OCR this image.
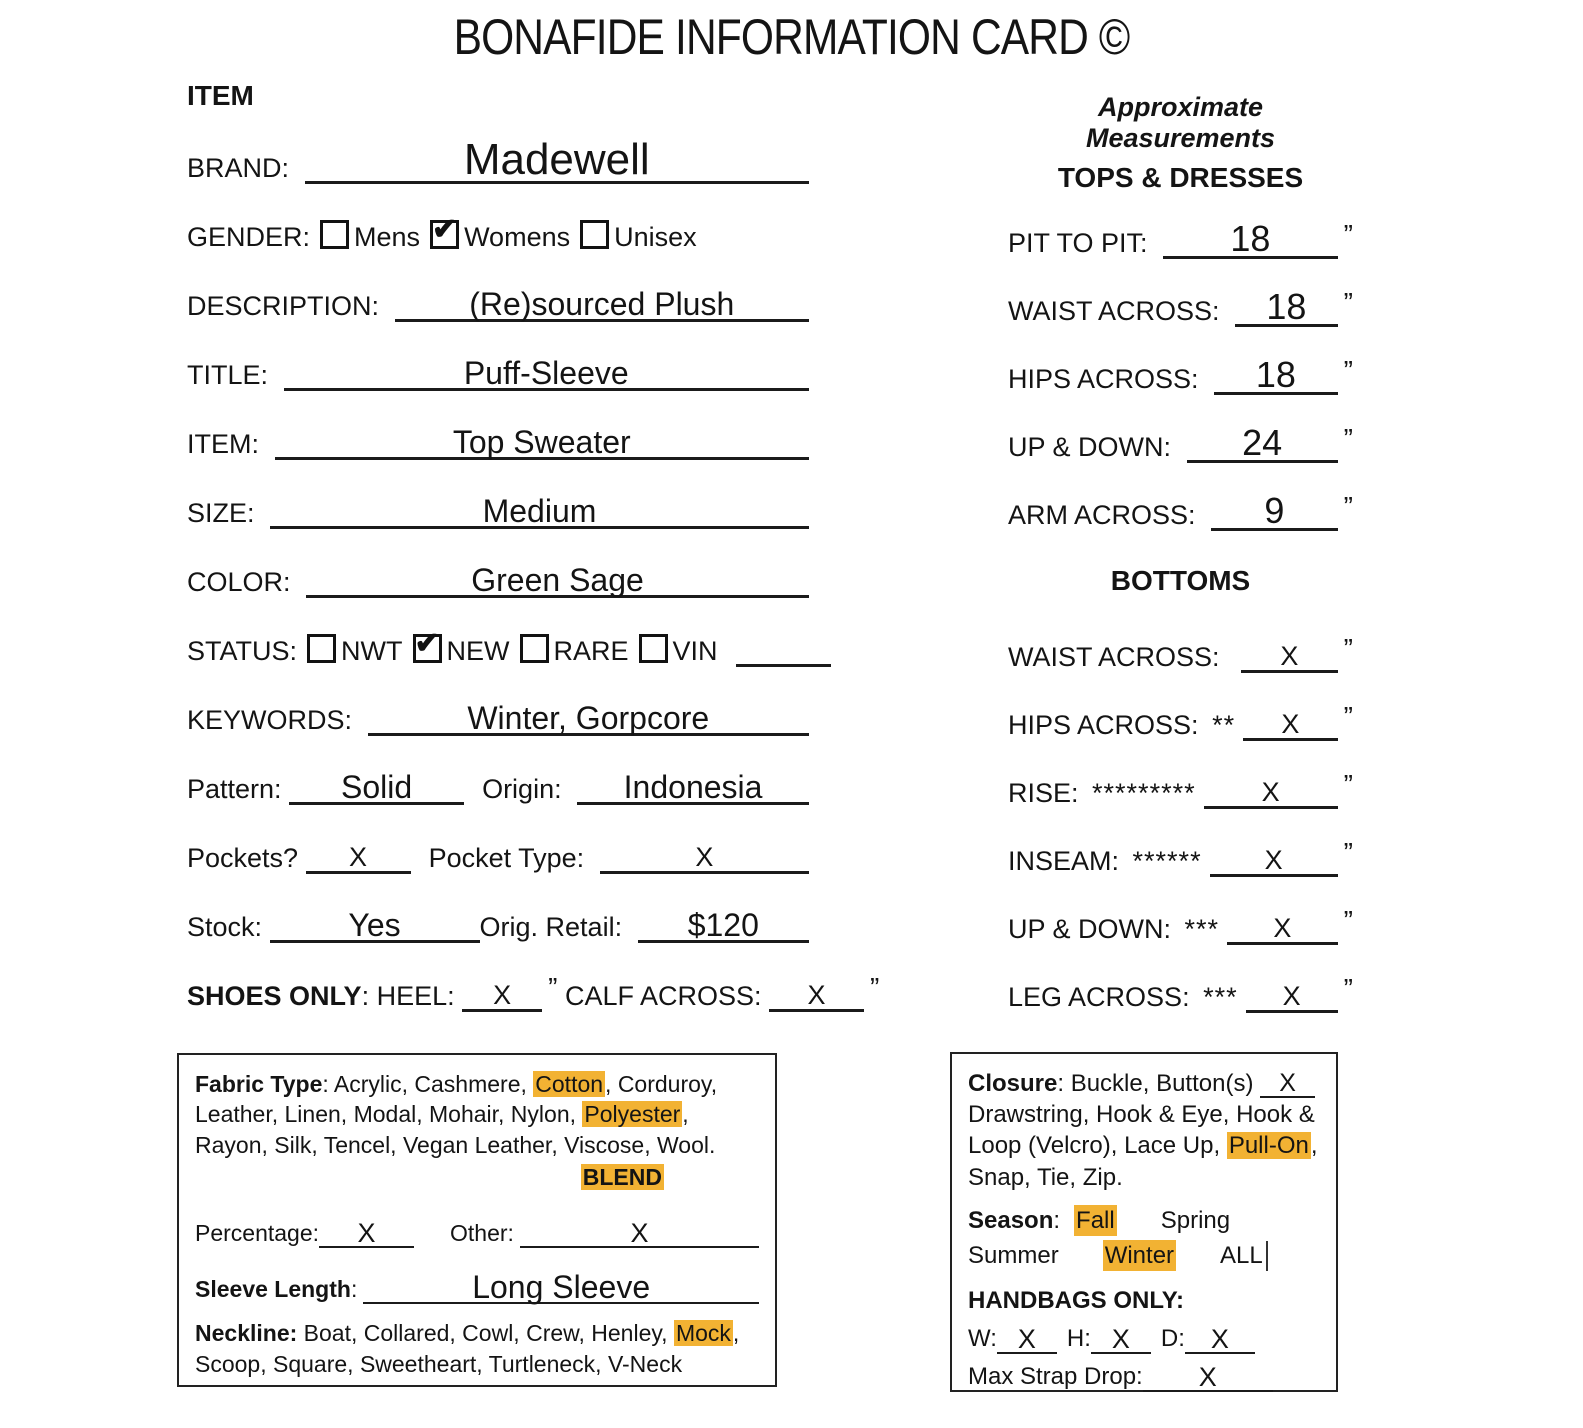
BONAFIDE INFORMATION CARD ©
ITEM
BRAND:	Madewell
GENDER: Mens ✔ Womens Unisex
DESCRIPTION:	(Re)sourced Plush
TITLE:	Puff-Sleeve
ITEM:	Top Sweater
SIZE:	Medium
COLOR:	Green Sage
STATUS: NWT ✔ NEW RARE VIN
KEYWORDS:	Winter, Gorpcore
Pattern: Solid	Origin: Indonesia
Pockets? X Pocket Type:	X
Stock: Yes	Orig. Retail: $120
SHOES ONLY : HEEL: X ” CALF ACROSS: X ”
Approximate Measurements
TOPS & DRESSES
PIT TO PIT: 18	”
WAIST ACROSS: 18 ”
HIPS ACROSS: 18 ”
UP & DOWN: 24 ”
ARM ACROSS: 9 ”
BOTTOMS
WAIST ACROSS: X ”
HIPS ACROSS: ** X ”
RISE: ********* X ”
INSEAM: ****** X ”
UP & DOWN: *** X ”
LEG ACROSS: *** X ”

Fabric Type: Acrylic, Cashmere, Cotton, Corduroy, Leather, Linen, Modal, Mohair, Nylon, Polyester, Rayon, Silk, Tencel, Vegan Leather, Viscose, Wool.

BLEND
Percentage: X	Other:	X
Sleeve Length :	Long Sleeve

Neckline: Boat, Collared, Cowl, Crew, Henley, Mock, Scoop, Square, Sweetheart, Turtleneck, V-Neck

Closure: Buckle, Button(s) X Drawstring, Hook & Eye, Hook & Loop (Velcro), Lace Up, Pull-On, Snap, Tie, Zip.

Season : Fall Spring
Summer Winter ALL
HANDBAGS ONLY:
W: X H: X D: X
Max Strap Drop: X
